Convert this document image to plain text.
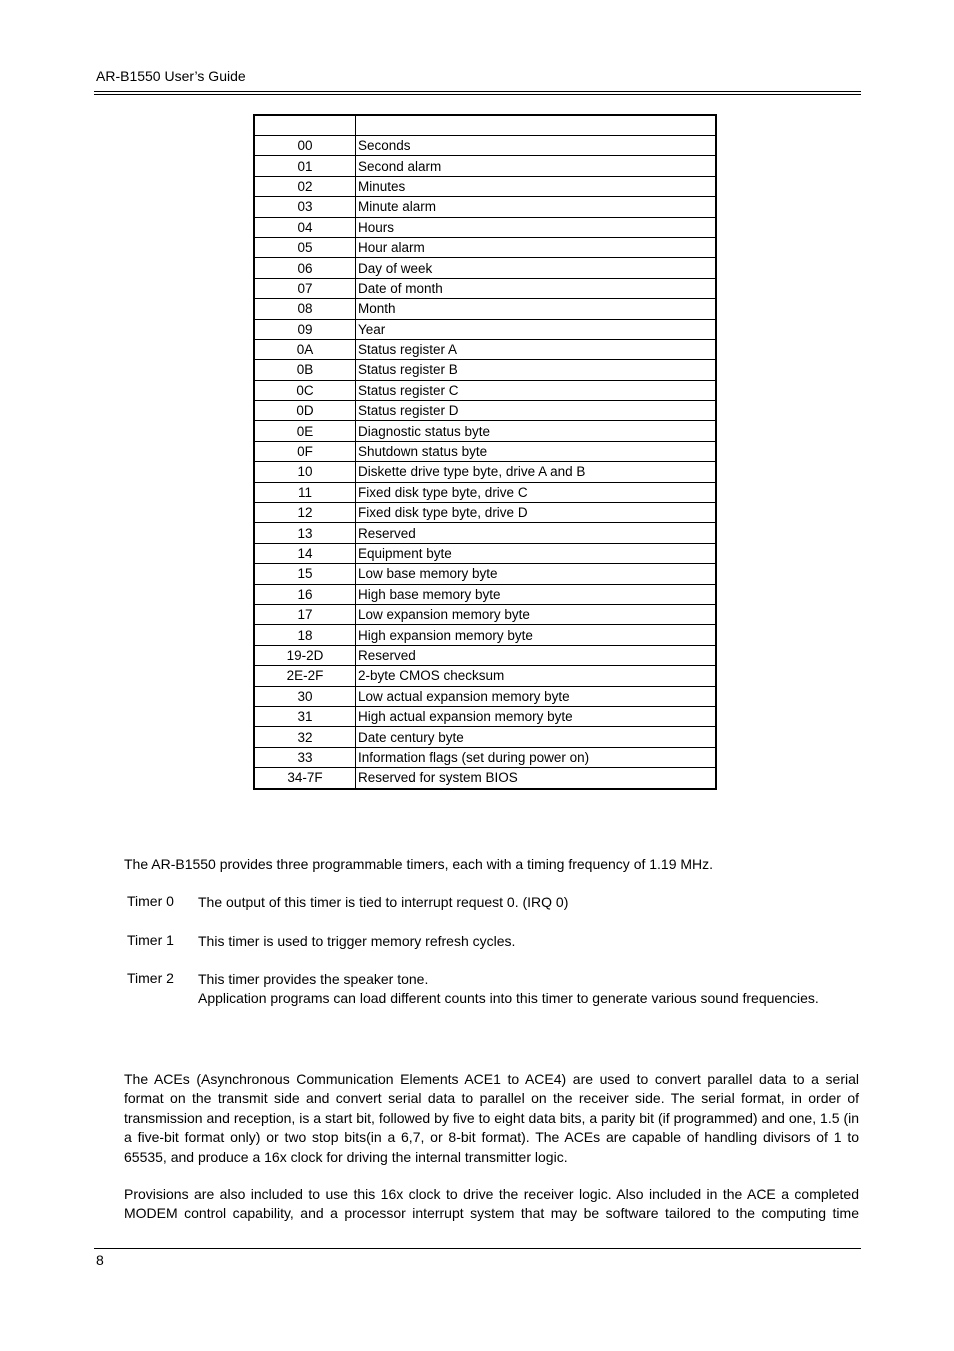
AR-B1550 User’s Guide

00	Seconds
01	Second alarm
02	Minutes
03	Minute alarm
04	Hours
05	Hour alarm
06	Day of week
07	Date of month
08	Month
09	Year
0A	Status register A
0B	Status register B
0C	Status register C
0D	Status register D
0E	Diagnostic status byte
0F	Shutdown status byte
10	Diskette drive type byte, drive A and B
11	Fixed disk type byte, drive C
12	Fixed disk type byte, drive D
13	Reserved
14	Equipment byte
15	Low base memory byte
16	High base memory byte
17	Low expansion memory byte
18	High expansion memory byte
19-2D	Reserved
2E-2F	2-byte CMOS checksum
30	Low actual expansion memory byte
31	High actual expansion memory byte
32	Date century byte
33	Information flags (set during power on)
34-7F	Reserved for system BIOS
The AR-B1550 provides three programmable timers, each with a timing frequency of 1.19 MHz.
Timer 0 The output of this timer is tied to interrupt request 0. (IRQ 0)
Timer 1 This timer is used to trigger memory refresh cycles.
Timer 2 This timer provides the speaker tone.
Application programs can load different counts into this timer to generate various sound frequencies.
The ACEs (Asynchronous Communication Elements ACE1 to ACE4) are used to convert parallel data to a serial format on the transmit side and convert serial data to parallel on the receiver side. The serial format, in order of transmission and reception, is a start bit, followed by five to eight data bits, a parity bit (if programmed) and one, 1.5 (in a five-bit format only) or two stop bits(in a 6,7, or 8-bit format). The ACEs are capable of handling divisors of 1 to 65535, and produce a 16x clock for driving the internal transmitter logic.
Provisions are also included to use this 16x clock to drive the receiver logic. Also included in the ACE a completed MODEM control capability, and a processor interrupt system that may be software tailored to the computing time
8
